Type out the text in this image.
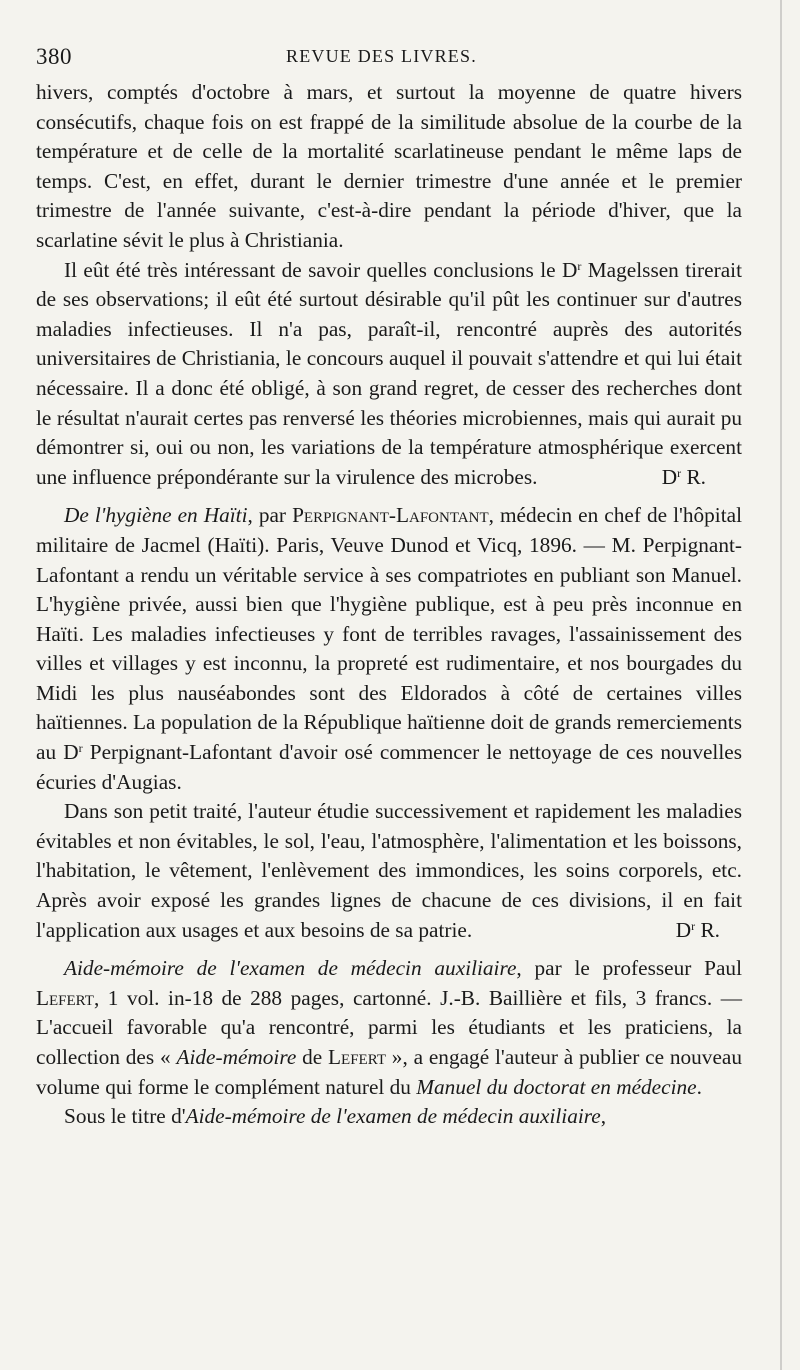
380	REVUE DES LIVRES.

hivers, comptés d'octobre à mars, et surtout la moyenne de quatre hivers consécutifs, chaque fois on est frappé de la similitude absolue de la courbe de la température et de celle de la mortalité scarlatineuse pendant le même laps de temps. C'est, en effet, durant le dernier trimestre d'une année et le premier trimestre de l'année suivante, c'est-à-dire pendant la période d'hiver, que la scarlatine sévit le plus à Christiania.

Il eût été très intéressant de savoir quelles conclusions le $D^r$ Magelssen tirerait de ses observations; il eût été surtout désirable qu'il pût les continuer sur d'autres maladies infectieuses. Il n'a pas, paraît-il, rencontré auprès des autorités universitaires de Christiania, le concours auquel il pouvait s'attendre et qui lui était nécessaire. Il a donc été obligé, à son grand regret, de cesser des recherches dont le résultat n'aurait certes pas renversé les théories microbiennes, mais qui aurait pu démontrer si, oui ou non, les variations de la température atmosphérique exercent une influence prépondérante sur la virulence des microbes.	$D^r$ R.

De l'hygiène en Haïti, par Perpignant-Lafontant, médecin en chef de l'hôpital militaire de Jacmel (Haïti). Paris, Veuve Dunod et Vicq, 1896. — M. Perpignant-Lafontant a rendu un véritable service à ses compatriotes en publiant son Manuel. L'hygiène privée, aussi bien que l'hygiène publique, est à peu près inconnue en Haïti. Les maladies infectieuses y font de terribles ravages, l'assainissement des villes et villages y est inconnu, la propreté est rudimentaire, et nos bourgades du Midi les plus nauséabondes sont des Eldorados à côté de certaines villes haïtiennes. La population de la République haïtienne doit de grands remerciements au $D^r$ Perpignant-Lafontant d'avoir osé commencer le nettoyage de ces nouvelles écuries d'Augias.

Dans son petit traité, l'auteur étudie successivement et rapidement les maladies évitables et non évitables, le sol, l'eau, l'atmosphère, l'alimentation et les boissons, l'habitation, le vêtement, l'enlèvement des immondices, les soins corporels, etc. Après avoir exposé les grandes lignes de chacune de ces divisions, il en fait l'application aux usages et aux besoins de sa patrie.	$D^r$ R.

Aide-mémoire de l'examen de médecin auxiliaire, par le professeur Paul Lefert, 1 vol. in-18 de 288 pages, cartonné. J.-B. Baillière et fils, 3 francs. — L'accueil favorable qu'a rencontré, parmi les étudiants et les praticiens, la collection des « Aide-mémoire de Lefert », a engagé l'auteur à publier ce nouveau volume qui forme le complément naturel du Manuel du doctorat en médecine.

Sous le titre d'Aide-mémoire de l'examen de médecin auxiliaire,
